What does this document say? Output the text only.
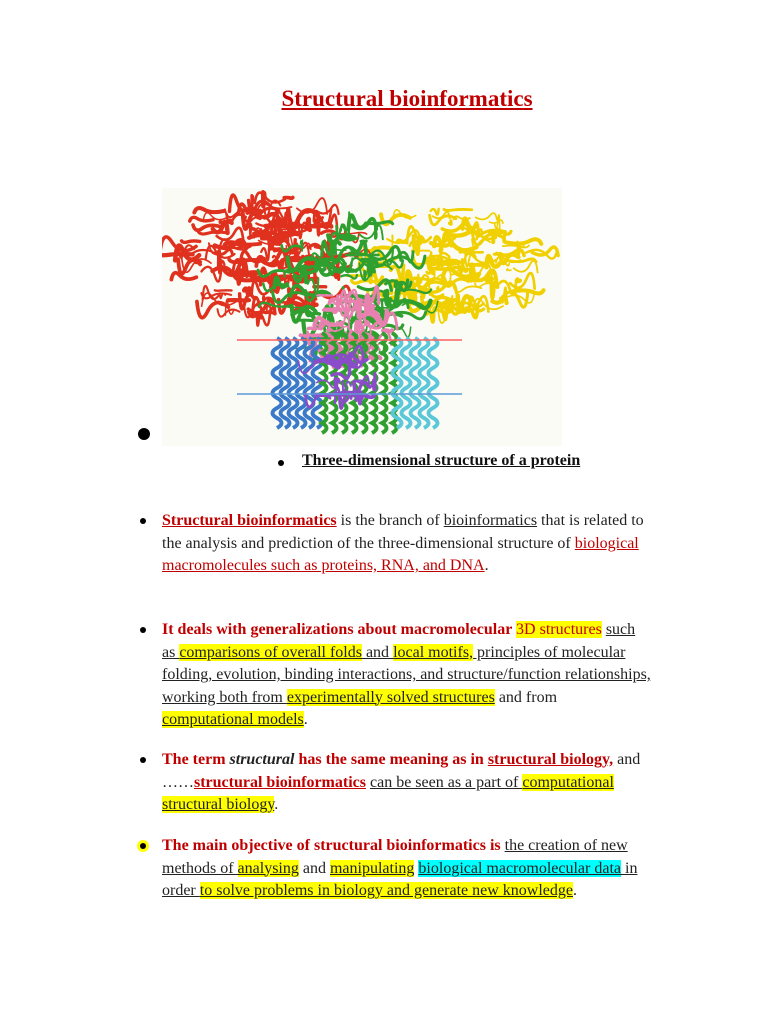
Structural bioinformatics
Three-dimensional structure of a protein
Structural bioinformatics is the branch of bioinformatics that is related to the analysis and prediction of the three-dimensional structure of biological macromolecules such as proteins, RNA, and DNA.
It deals with generalizations about macromolecular 3D structures such as comparisons of overall folds and local motifs, principles of molecular folding, evolution, binding interactions, and structure/function relationships, working both from experimentally solved structures and from computational models.
The term structural has the same meaning as in structural biology, and ……structural bioinformatics can be seen as a part of computational structural biology.
The main objective of structural bioinformatics is the creation of new methods of analysing and manipulating biological macromolecular data in order to solve problems in biology and generate new knowledge.
